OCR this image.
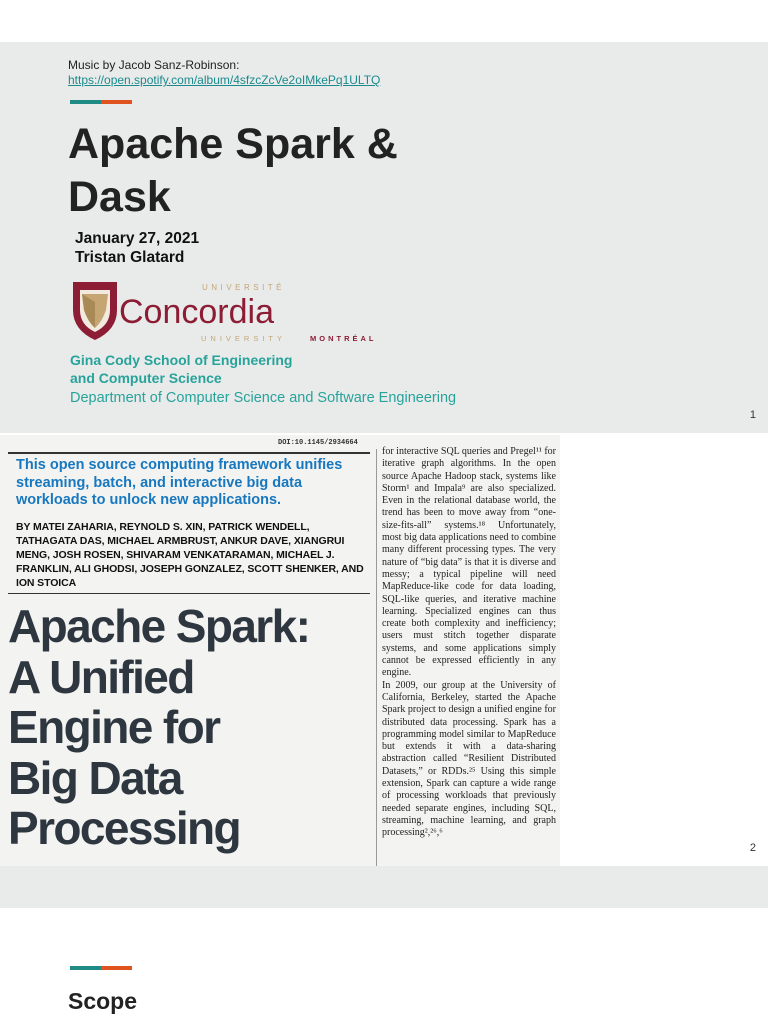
Music by Jacob Sanz-Robinson:
https://open.spotify.com/album/4sfzcZcVe2oIMkePq1ULTQ
Apache Spark &
Dask
January 27, 2021
Tristan Glatard
UNIVERSITÉ
Concordia
UNIVERSITY	MONTRÉAL
Gina Cody School of Engineering
and Computer Science
Department of Computer Science and Software Engineering
1
DOI:10.1145/2934664
This open source computing framework unifies streaming, batch, and interactive big data workloads to unlock new applications.
BY MATEI ZAHARIA, REYNOLD S. XIN, PATRICK WENDELL, TATHAGATA DAS, MICHAEL ARMBRUST, ANKUR DAVE, XIANGRUI MENG, JOSH ROSEN, SHIVARAM VENKATARAMAN, MICHAEL J. FRANKLIN, ALI GHODSI, JOSEPH GONZALEZ, SCOTT SHENKER, AND ION STOICA
Apache Spark:
A Unified
Engine for
Big Data
Processing
for interactive SQL queries and Pregel¹¹ for iterative graph algorithms. In the open source Apache Hadoop stack, systems like Storm¹ and Impala⁹ are also specialized. Even in the relational database world, the trend has been to move away from “one-size-fits-all” systems.¹⁸ Unfortunately, most big data applications need to combine many different processing types. The very nature of “big data” is that it is diverse and messy; a typical pipeline will need MapReduce-like code for data loading, SQL-like queries, and iterative machine learning. Specialized engines can thus create both complexity and inefficiency; users must stitch together disparate systems, and some applications simply cannot be expressed efficiently in any engine.
In 2009, our group at the University of California, Berkeley, started the Apache Spark project to design a unified engine for distributed data processing. Spark has a programming model similar to MapReduce but extends it with a data-sharing abstraction called “Resilient Distributed Datasets,” or RDDs.²⁵ Using this simple extension, Spark can capture a wide range of processing workloads that previously needed separate engines, including SQL, streaming, machine learning, and graph processing²,²⁶,⁶
2
Scope
